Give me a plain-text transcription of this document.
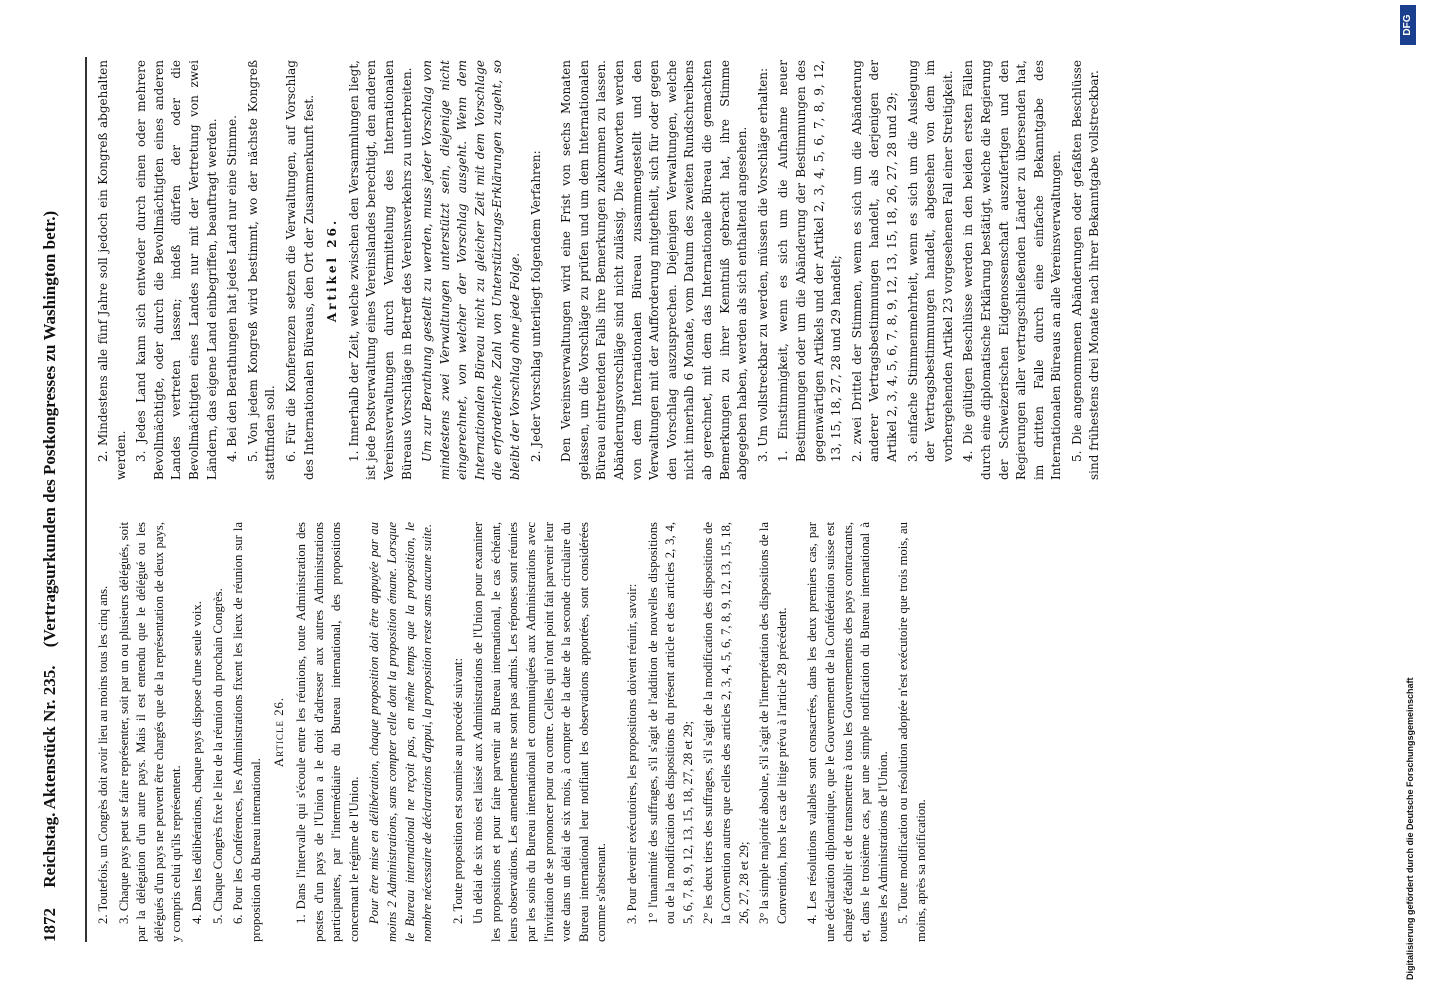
1872 Reichstag. Aktenstück Nr. 235. (Vertragsurkunden des Postkongresses zu Washington betr.)

2. Toutefois, un Congrès doit avoir lieu au moins tous les cinq ans. 3. Chaque pays peut se faire représenter, soit par un ou plusieurs délégués, soit par la délégation d'un autre pays. Mais il est entendu que le délégué ou les délégués d'un pays ne peuvent être chargés que de la représentation de deux pays, y compris celui qu'ils représentent. 4. Dans les délibérations, chaque pays dispose d'une seule voix. 5. Chaque Congrès fixe le lieu de la réunion du prochain Congrès. 6. Pour les Conférences, les Administrations fixent les lieux de réunion sur la proposition du Bureau international.

Article 26. 1. Dans l'intervalle qui s'écoule entre les réunions, toute Administration des postes d'un pays de l'Union a le droit d'adresser aux autres Administrations participantes, par l'intermédiaire du Bureau international, des propositions concernant le régime de l'Union. Pour être mise en délibération, chaque proposition doit être appuyée par au moins 2 Administrations, sans compter celle dont la proposition émane. Lorsque le Bureau international ne reçoit pas, en même temps que la proposition, le nombre nécessaire de déclarations d'appui, la proposition reste sans aucune suite. 2. Toute proposition est soumise au procédé suivant: Un délai de six mois est laissé aux Administrations de l'Union pour examiner les propositions et pour faire parvenir au Bureau international, le cas échéant, leurs observations. Les amendements ne sont pas admis. Les réponses sont réunies par les soins du Bureau international et communiquées aux Administrations avec l'invitation de se prononcer pour ou contre. Celles qui n'ont point fait parvenir leur vote dans un délai de six mois, à compter de la date de la seconde circulaire du Bureau international leur notifiant les observations apportées, sont considérées comme s'abstenant. 3. Pour devenir exécutoires, les propositions doivent réunir, savoir: 1° l'unanimité des suffrages, s'il s'agit de l'addition de nouvelles dispositions ou de la modification des dispositions du présent article et des articles 2, 3, 4, 5, 6, 7, 8, 9, 12, 13, 15, 18, 27, 28 et 29; 2° les deux tiers des suffrages, s'il s'agit de la modification des dispositions de la Convention autres que celles des articles 2, 3, 4, 5, 6, 7, 8, 9, 12, 13, 15, 18, 26, 27, 28 et 29; 3° la simple majorité absolue, s'il s'agit de l'interprétation des dispositions de la Convention, hors le cas de litige prévu à l'article 28 précédent. 4. Les résolutions valables sont consacrées, dans les deux premiers cas, par une déclaration diplomatique, que le Gouvernement de la Confédération suisse est chargé d'établir et de transmettre à tous les Gouvernements des pays contractants, et, dans le troisième cas, par une simple notification du Bureau international à toutes les Administrations de l'Union. 5. Toute modification ou résolution adoptée n'est exécutoire que trois mois, au moins, après sa notification.

2. Mindestens alle fünf Jahre soll jedoch ein Kongreß abgehalten werden. 3. Jedes Land kann sich entweder durch einen oder mehrere Bevollmächtigte, oder durch die Bevollmächtigten eines anderen Landes vertreten lassen; indeß dürfen der oder die Bevollmächtigten eines Landes nur mit der Vertretung von zwei Ländern, das eigene Land einbegriffen, beauftragt werden. 4. Bei den Berathungen hat jedes Land nur eine Stimme. 5. Von jedem Kongreß wird bestimmt, wo der nächste Kongreß stattfinden soll. 6. Für die Konferenzen setzen die Verwaltungen, auf Vorschlag des Internationalen Büreaus, den Ort der Zusammenkunft fest. Artikel 26. 1. Innerhalb der Zeit, welche zwischen den Versammlungen liegt, ist jede Postverwaltung eines Vereinslandes berechtigt, den anderen Vereinsverwaltungen durch Vermittelung des Internationalen Büreaus Vorschläge in Betreff des Vereinsverkehrs zu unterbreiten. Um zur Berathung gestellt zu werden, muss jeder Vorschlag von mindestens zwei Verwaltungen unterstützt sein, diejenige nicht eingerechnet, von welcher der Vorschlag ausgeht. Wenn dem Internationalen Büreau nicht zu gleicher Zeit mit dem Vorschlage die erforderliche Zahl von Unterstützungs-Erklärungen zugeht, so bleibt der Vorschlag ohne jede Folge. 2. Jeder Vorschlag unterliegt folgendem Verfahren: Den Vereinsverwaltungen wird eine Frist von sechs Monaten gelassen, um die Vorschläge zu prüfen und um dem Internationalen Büreau eintretenden Falls ihre Bemerkungen zukommen zu lassen. Abänderungsvorschläge sind nicht zulässig. Die Antworten werden von dem Internationalen Büreau zusammengestellt und den Verwaltungen mit der Aufforderung mitgetheilt, sich für oder gegen den Vorschlag auszusprechen. Diejenigen Verwaltungen, welche nicht innerhalb 6 Monate, vom Datum des zweiten Rundschreibens ab gerechnet, mit dem das Internationale Büreau die gemachten Bemerkungen zu ihrer Kenntniß gebracht hat, ihre Stimme abgegeben haben, werden als sich enthaltend angesehen. 3. Um vollstreckbar zu werden, müssen die Vorschläge erhalten: 1. Einstimmigkeit, wenn es sich um die Aufnahme neuer Bestimmungen oder um die Abänderung der Bestimmungen des gegenwärtigen Artikels und der Artikel 2, 3, 4, 5, 6, 7, 8, 9, 12, 13, 15, 18, 27, 28 und 29 handelt; 2. zwei Drittel der Stimmen, wenn es sich um die Abänderung anderer Vertragsbestimmungen handelt, als derjenigen der Artikel 2, 3, 4, 5, 6, 7, 8, 9, 12, 13, 15, 18, 26, 27, 28 und 29; 3. einfache Stimmenmehrheit, wenn es sich um die Auslegung der Vertragsbestimmungen handelt, abgesehen von dem im vorhergehenden Artikel 23 vorgesehenen Fall einer Streitigkeit. 4. Die gültigen Beschlüsse werden in den beiden ersten Fällen durch eine diplomatische Erklärung bestätigt, welche die Regierung der Schweizerischen Eidgenossenschaft auszufertigen und den Regierungen aller vertragschließenden Länder zu übersenden hat, im dritten Falle durch eine einfache Bekanntgabe des Internationalen Büreaus an alle Vereinsverwaltungen. 5. Die angenommenen Abänderungen oder gefaßten Beschlüsse sind frühestens drei Monate nach ihrer Bekanntgabe vollstreckbar.

Digitalisierung gefördert durch die Deutsche Forschungsgemeinschaft
DFG
